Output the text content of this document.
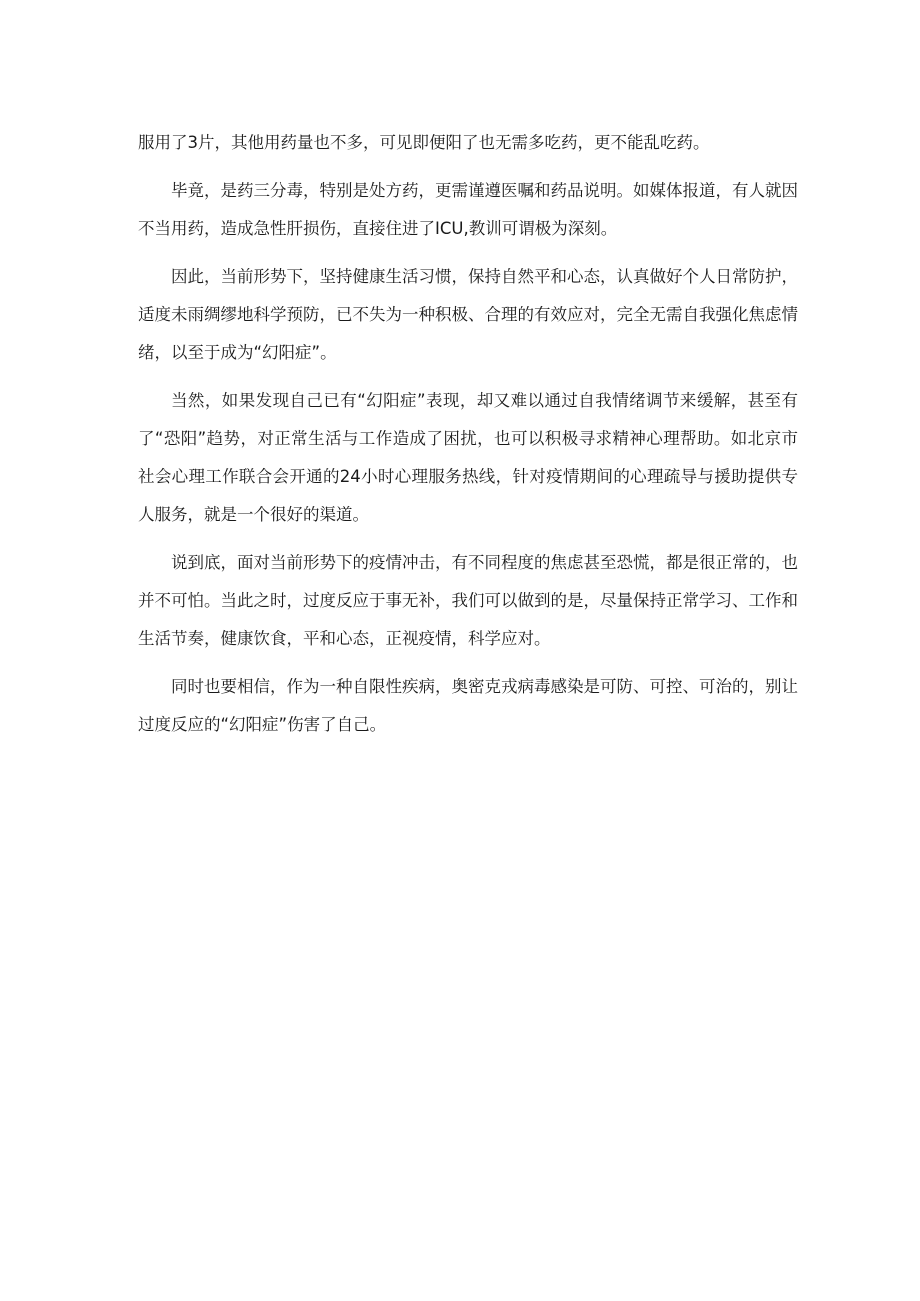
服用了3片，其他用药量也不多，可见即便阳了也无需多吃药，更不能乱吃药。

毕竟，是药三分毒，特别是处方药，更需谨遵医嘱和药品说明。如媒体报道，有人就因不当用药，造成急性肝损伤，直接住进了ICU,教训可谓极为深刻。

因此，当前形势下，坚持健康生活习惯，保持自然平和心态，认真做好个人日常防护，适度未雨绸缪地科学预防，已不失为一种积极、合理的有效应对，完全无需自我强化焦虑情绪，以至于成为“幻阳症”。

当然，如果发现自己已有“幻阳症”表现，却又难以通过自我情绪调节来缓解，甚至有了“恐阳”趋势，对正常生活与工作造成了困扰，也可以积极寻求精神心理帮助。如北京市社会心理工作联合会开通的24小时心理服务热线，针对疫情期间的心理疏导与援助提供专人服务，就是一个很好的渠道。

说到底，面对当前形势下的疫情冲击，有不同程度的焦虑甚至恐慌，都是很正常的，也并不可怕。当此之时，过度反应于事无补，我们可以做到的是，尽量保持正常学习、工作和生活节奏，健康饮食，平和心态，正视疫情，科学应对。

同时也要相信，作为一种自限性疾病，奥密克戎病毒感染是可防、可控、可治的，别让过度反应的“幻阳症”伤害了自己。
